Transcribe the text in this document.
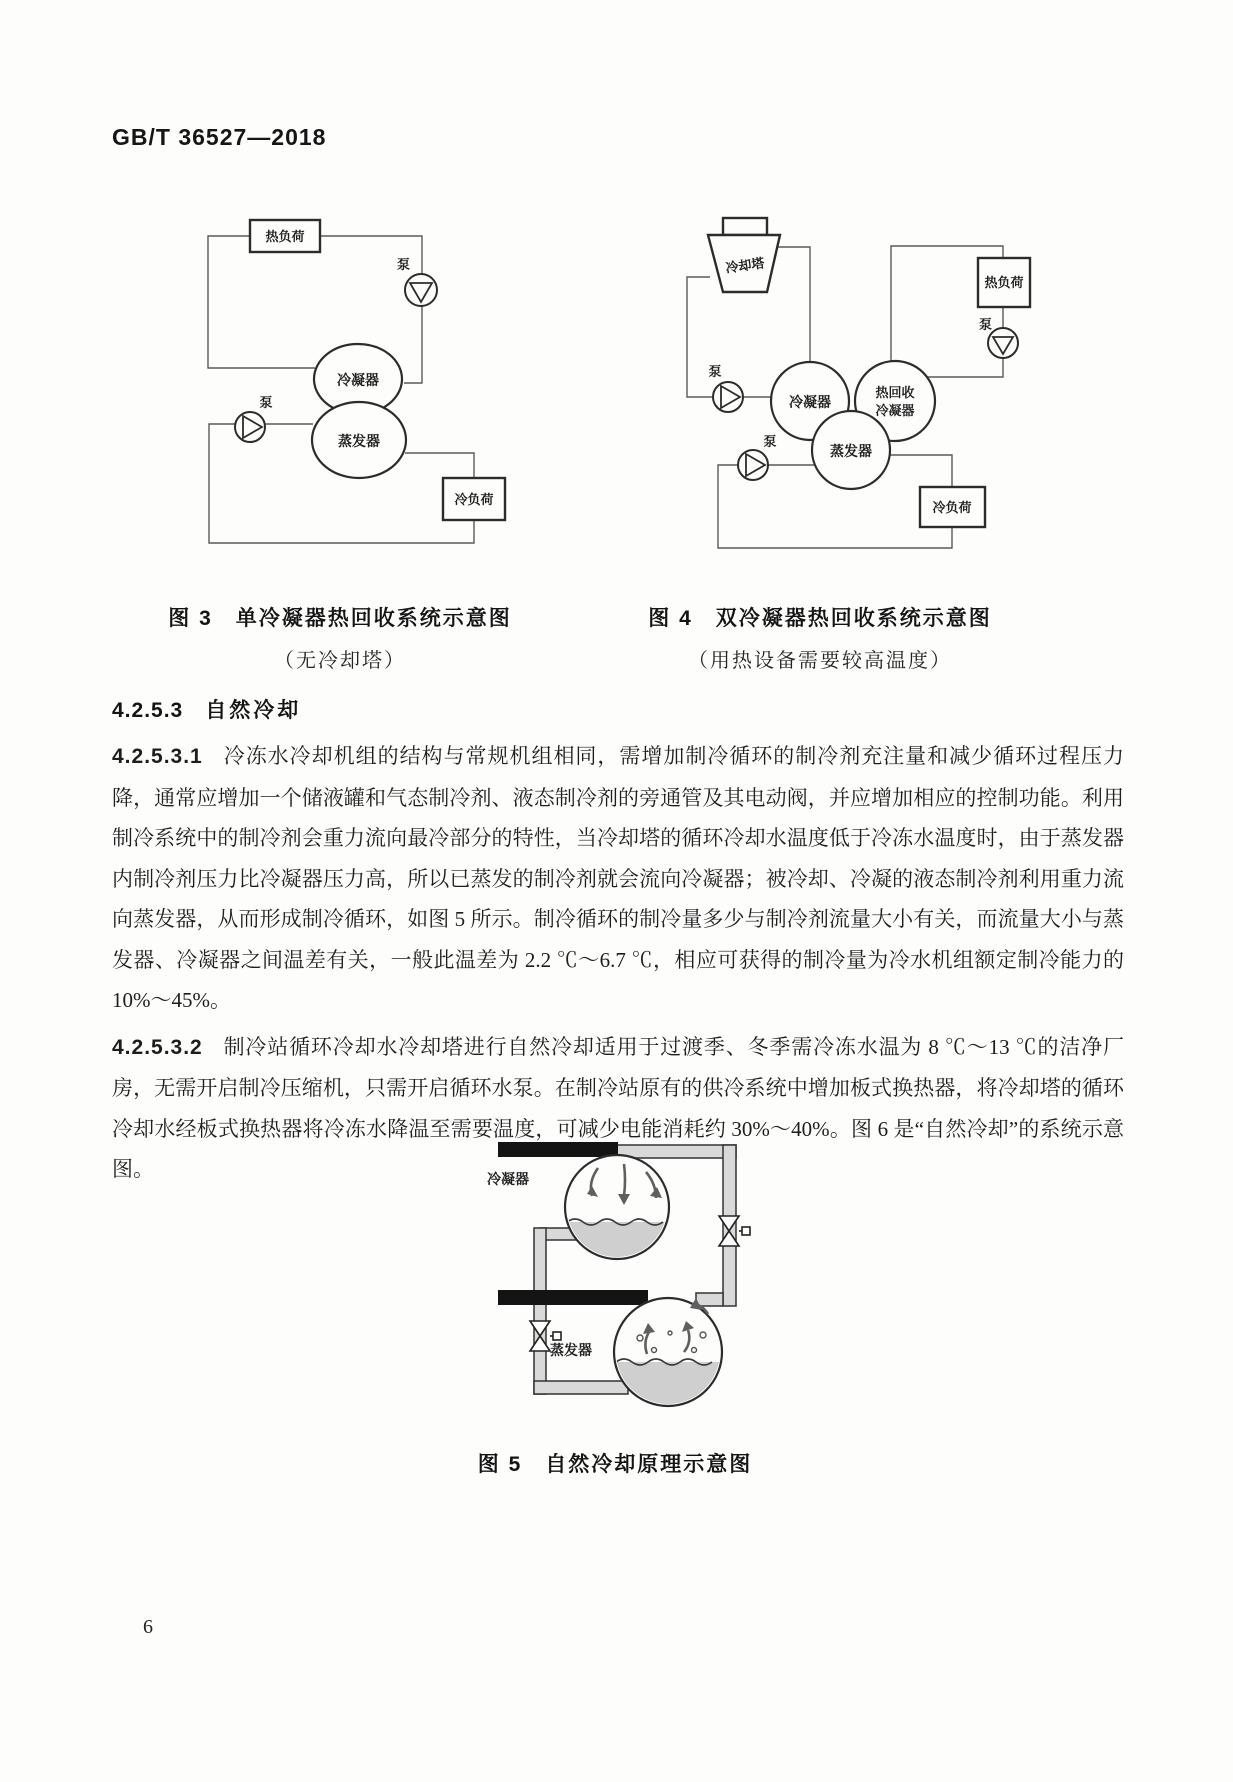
GB/T 36527—2018
热负荷
冷负荷
冷凝器
蒸发器
泵
泵
冷却塔
热负荷
冷负荷
冷凝器
热回收
冷凝器
蒸发器
泵
泵
泵
图 3　单冷凝器热回收系统示意图
（无冷却塔）
图 4　双冷凝器热回收系统示意图
（用热设备需要较高温度）
4.2.5.3 自然冷却

4.2.5.3.1 冷冻水冷却机组的结构与常规机组相同，需增加制冷循环的制冷剂充注量和减少循环过程压力降，通常应增加一个储液罐和气态制冷剂、液态制冷剂的旁通管及其电动阀，并应增加相应的控制功能。利用制冷系统中的制冷剂会重力流向最冷部分的特性，当冷却塔的循环冷却水温度低于冷冻水温度时，由于蒸发器内制冷剂压力比冷凝器压力高，所以已蒸发的制冷剂就会流向冷凝器；被冷却、冷凝的液态制冷剂利用重力流向蒸发器，从而形成制冷循环，如图 5 所示。制冷循环的制冷量多少与制冷剂流量大小有关，而流量大小与蒸发器、冷凝器之间温差有关，一般此温差为 2.2 ℃～6.7 ℃，相应可获得的制冷量为冷水机组额定制冷能力的 10%～45%。

4.2.5.3.2 制冷站循环冷却水冷却塔进行自然冷却适用于过渡季、冬季需冷冻水温为 8 ℃～13 ℃的洁净厂房，无需开启制冷压缩机，只需开启循环水泵。在制冷站原有的供冷系统中增加板式换热器，将冷却塔的循环冷却水经板式换热器将冷冻水降温至需要温度，可减少电能消耗约 30%～40%。图 6 是“自然冷却”的系统示意图。	冷凝器
蒸发器
图 5　自然冷却原理示意图
6
